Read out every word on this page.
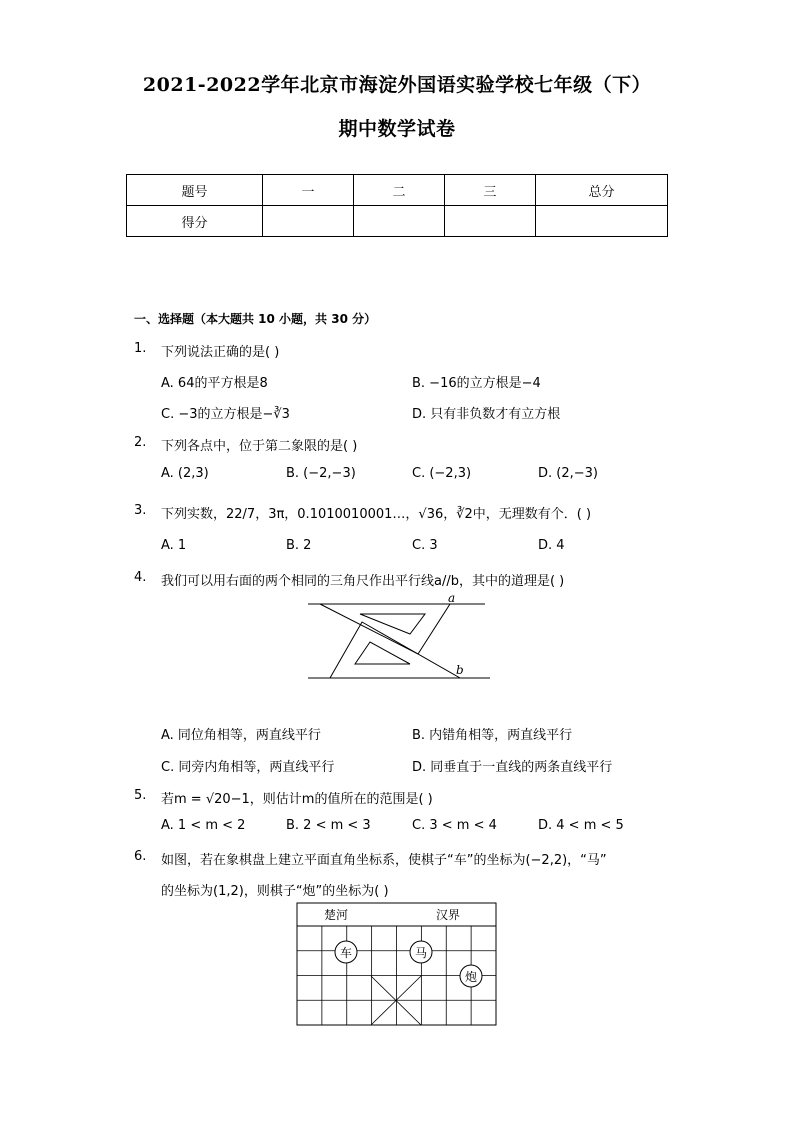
2021-2022学年北京市海淀外国语实验学校七年级（下）
期中数学试卷
题号	一	二	三	总分
得分				
一、选择题（本大题共 10 小题，共 30 分）
1. 下列说法正确的是( )
A. 64的平方根是8	B. −16的立方根是−4
C. −3的立方根是−∛3	D. 只有非负数才有立方根
2. 下列各点中，位于第二象限的是( )
A. (2,3)	B. (−2,−3)	C. (−2,3)	D. (2,−3)
3. 下列实数，22/7，3π，0.1010010001…，√36，∛2中，无理数有个．( )
A. 1	B. 2	C. 3	D. 4
4. 我们可以用右面的两个相同的三角尺作出平行线a//b，其中的道理是( )
a
b
A. 同位角相等，两直线平行	B. 内错角相等，两直线平行
C. 同旁内角相等，两直线平行	D. 同垂直于一直线的两条直线平行
5. 若m = √20−1，则估计m的值所在的范围是( )
A. 1 < m < 2	B. 2 < m < 3	C. 3 < m < 4	D. 4 < m < 5
6. 如图，若在象棋盘上建立平面直角坐标系，使棋子“车”的坐标为(−2,2)，“马”
的坐标为(1,2)，则棋子“炮”的坐标为( )
楚河	汉界
车	马
炮
